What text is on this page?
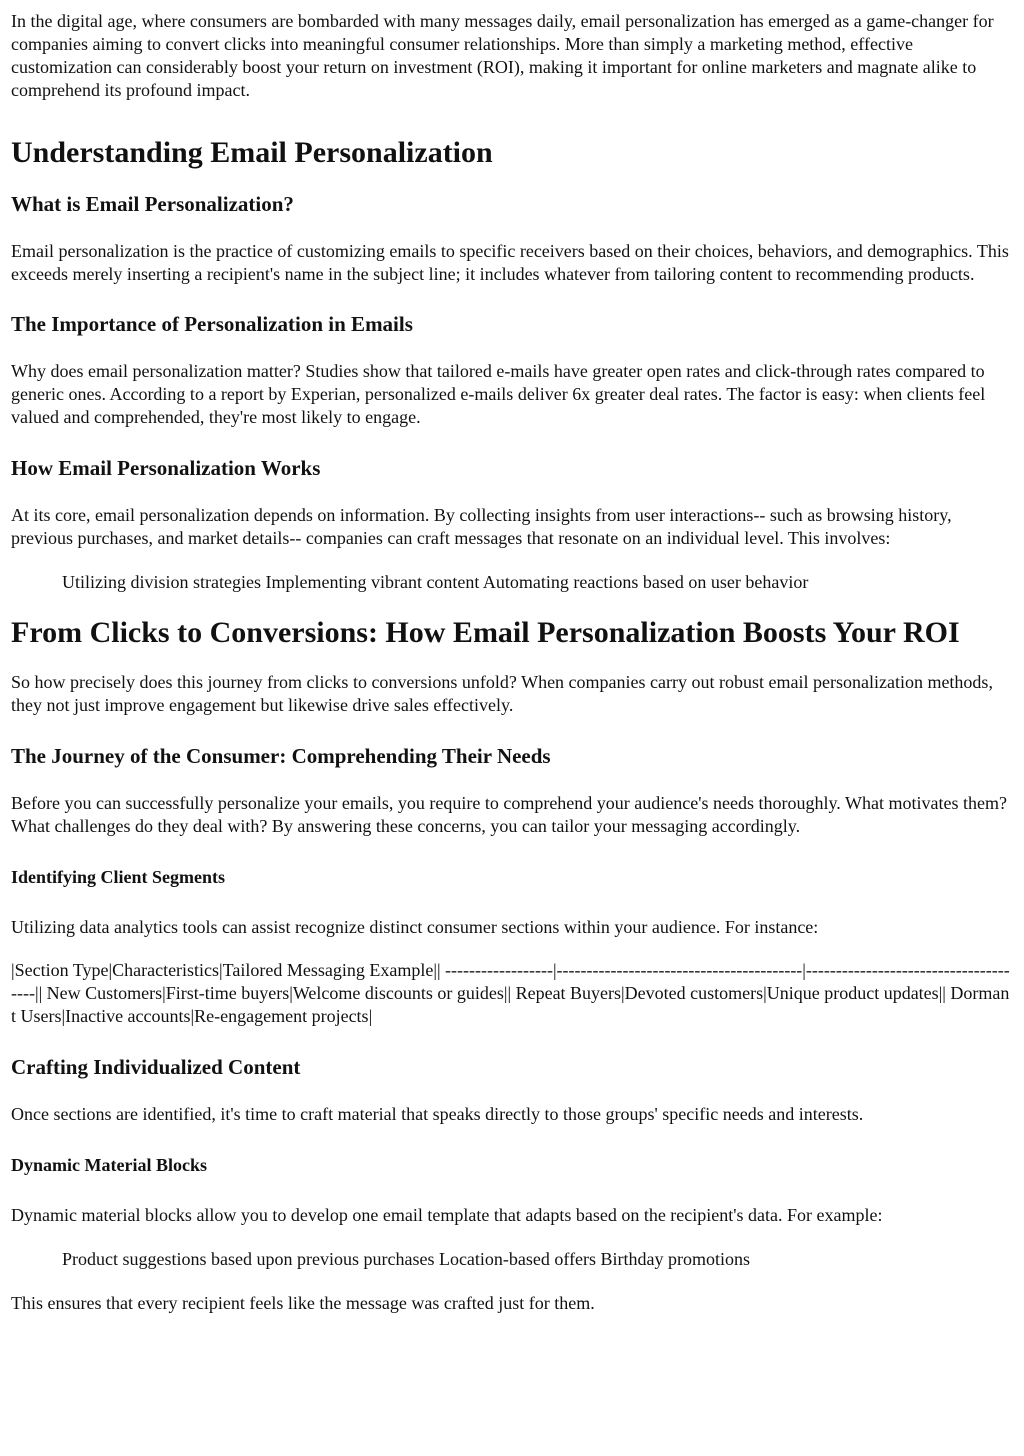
In the digital age, where consumers are bombarded with many messages daily, email personalization has emerged as a game-changer for companies aiming to convert clicks into meaningful consumer relationships. More than simply a marketing method, effective customization can considerably boost your return on investment (ROI), making it important for online marketers and magnate alike to comprehend its profound impact.

Understanding Email Personalization
What is Email Personalization?

Email personalization is the practice of customizing emails to specific receivers based on their choices, behaviors, and demographics. This exceeds merely inserting a recipient's name in the subject line; it includes whatever from tailoring content to recommending products.

The Importance of Personalization in Emails

Why does email personalization matter? Studies show that tailored e-mails have greater open rates and click-through rates compared to generic ones. According to a report by Experian, personalized e-mails deliver 6x greater deal rates. The factor is easy: when clients feel valued and comprehended, they're most likely to engage.

How Email Personalization Works

At its core, email personalization depends on information. By collecting insights from user interactions-- such as browsing history, previous purchases, and market details-- companies can craft messages that resonate on an individual level. This involves:

Utilizing division strategies Implementing vibrant content Automating reactions based on user behavior

From Clicks to Conversions: How Email Personalization Boosts Your ROI

So how precisely does this journey from clicks to conversions unfold? When companies carry out robust email personalization methods, they not just improve engagement but likewise drive sales effectively.

The Journey of the Consumer: Comprehending Their Needs

Before you can successfully personalize your emails, you require to comprehend your audience's needs thoroughly. What motivates them? What challenges do they deal with? By answering these concerns, you can tailor your messaging accordingly.

Identifying Client Segments

Utilizing data analytics tools can assist recognize distinct consumer sections within your audience. For instance:

|Section Type|Characteristics|Tailored Messaging Example|| ------------------|-----------------------------------------|--------------------------------------|| New Customers|First-time buyers|Welcome discounts or guides|| Repeat Buyers|Devoted customers|Unique product updates|| Dormant Users|Inactive accounts|Re-engagement projects|

Crafting Individualized Content

Once sections are identified, it's time to craft material that speaks directly to those groups' specific needs and interests.

Dynamic Material Blocks

Dynamic material blocks allow you to develop one email template that adapts based on the recipient's data. For example:

Product suggestions based upon previous purchases Location-based offers Birthday promotions

This ensures that every recipient feels like the message was crafted just for them.
